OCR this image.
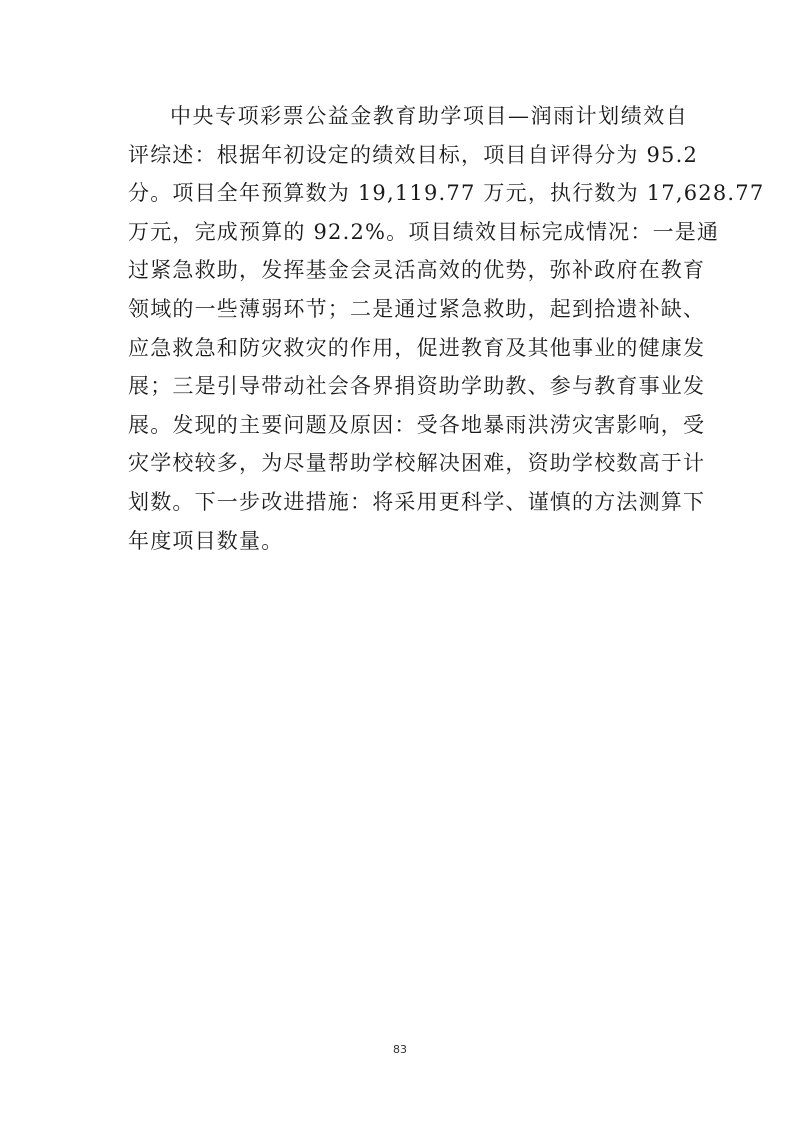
中央专项彩票公益金教育助学项目—润雨计划绩效自
评综述：根据年初设定的绩效目标，项目自评得分为 95.2
分。项目全年预算数为 19,119.77 万元，执行数为 17,628.77
万元，完成预算的 92.2%。项目绩效目标完成情况：一是通
过紧急救助，发挥基金会灵活高效的优势，弥补政府在教育
领域的一些薄弱环节；二是通过紧急救助，起到拾遗补缺、
应急救急和防灾救灾的作用，促进教育及其他事业的健康发
展；三是引导带动社会各界捐资助学助教、参与教育事业发
展。发现的主要问题及原因：受各地暴雨洪涝灾害影响，受
灾学校较多，为尽量帮助学校解决困难，资助学校数高于计
划数。下一步改进措施：将采用更科学、谨慎的方法测算下
年度项目数量。

83
